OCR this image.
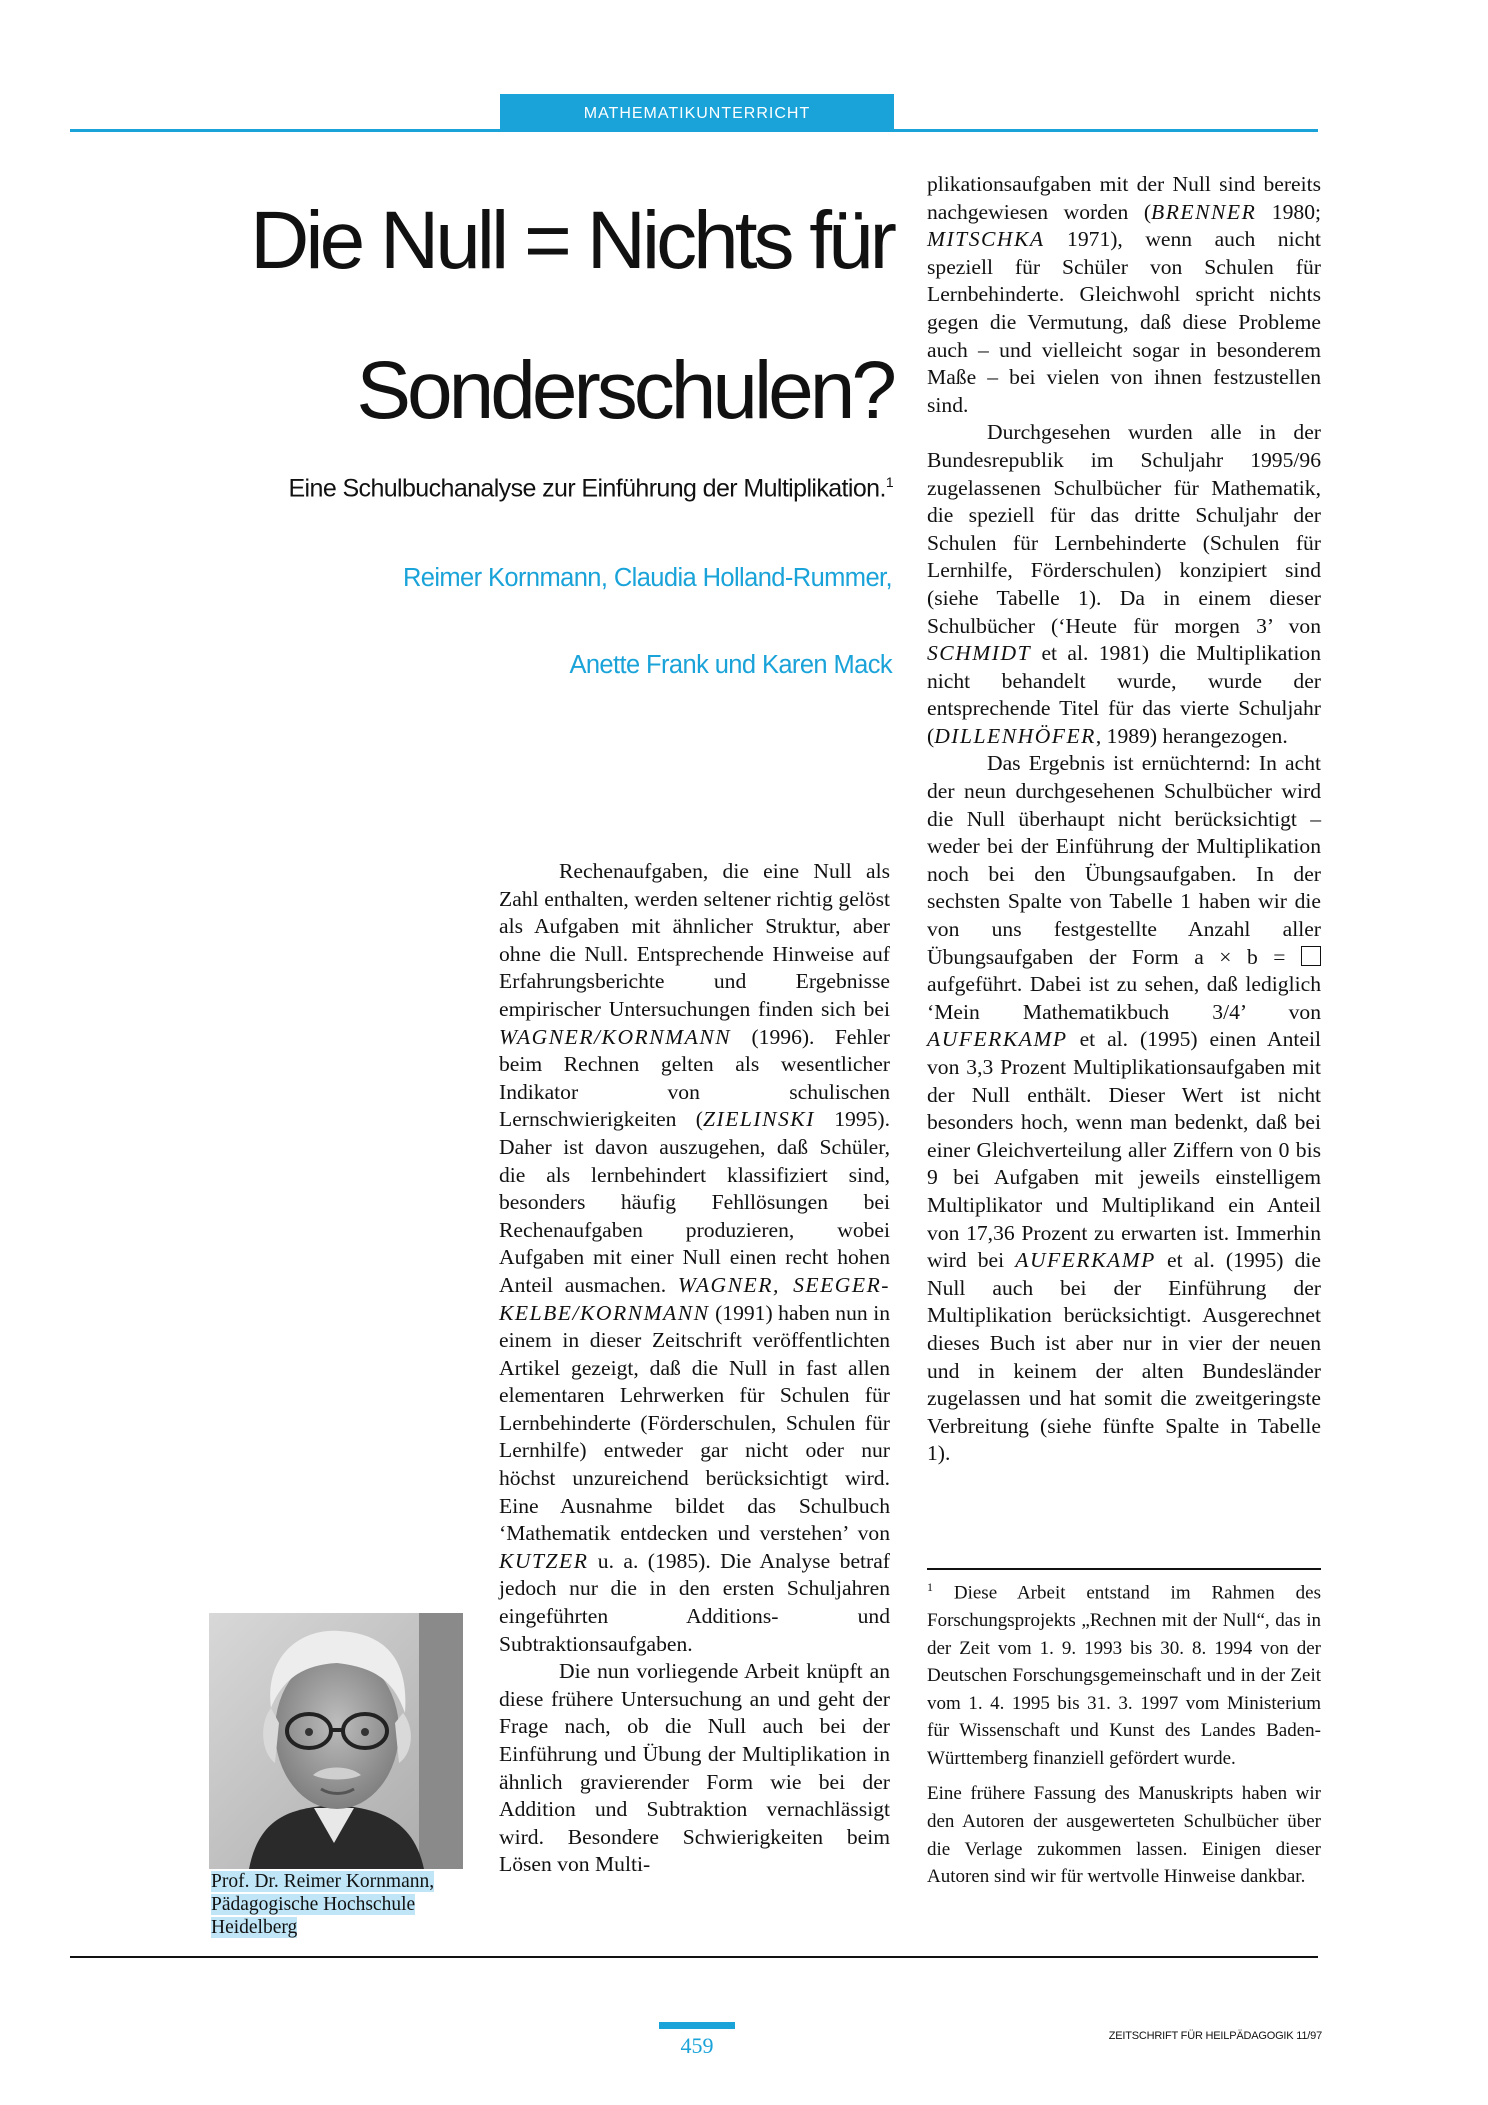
MATHEMATIKUNTERRICHT
Die Null = Nichts für
Sonderschulen?
Eine Schulbuchanalyse zur Einführung der Multiplikation.$^1$
Reimer Kornmann, Claudia Holland-Rummer,
Anette Frank und Karen Mack

Rechenaufgaben, die eine Null als Zahl enthalten, werden seltener richtig gelöst als Aufgaben mit ähnlicher Struktur, aber ohne die Null. Entsprechende Hinweise auf Erfahrungsberichte und Ergebnisse empirischer Untersuchungen finden sich bei WAGNER/KORNMANN (1996). Fehler beim Rechnen gelten als wesentlicher Indikator von schulischen Lernschwierigkeiten (ZIELINSKI 1995). Daher ist davon auszugehen, daß Schüler, die als lernbehindert klassifiziert sind, besonders häufig Fehllösungen bei Rechenaufgaben produzieren, wobei Aufgaben mit einer Null einen recht hohen Anteil ausmachen. WAGNER, SEEGER-KELBE/KORNMANN (1991) haben nun in einem in dieser Zeitschrift veröffentlichten Artikel gezeigt, daß die Null in fast allen elementaren Lehrwerken für Schulen für Lernbehinderte (Förderschulen, Schulen für Lernhilfe) entweder gar nicht oder nur höchst unzureichend berücksichtigt wird. Eine Ausnahme bildet das Schulbuch ‘Mathematik entdecken und verstehen’ von KUTZER u. a. (1985). Die Analyse betraf jedoch nur die in den ersten Schuljahren eingeführten Additions- und Subtraktionsaufgaben.

Die nun vorliegende Arbeit knüpft an diese frühere Untersuchung an und geht der Frage nach, ob die Null auch bei der Einführung und Übung der Multiplikation in ähnlich gravierender Form wie bei der Addition und Subtraktion vernachlässigt wird. Besondere Schwierigkeiten beim Lösen von Multi-

plikationsaufgaben mit der Null sind bereits nachgewiesen worden (BRENNER 1980; MITSCHKA 1971), wenn auch nicht speziell für Schüler von Schulen für Lernbehinderte. Gleichwohl spricht nichts gegen die Vermutung, daß diese Probleme auch – und vielleicht sogar in besonderem Maße – bei vielen von ihnen festzustellen sind.

Durchgesehen wurden alle in der Bundesrepublik im Schuljahr 1995/96 zugelassenen Schulbücher für Mathematik, die speziell für das dritte Schuljahr der Schulen für Lernbehinderte (Schulen für Lernhilfe, Förderschulen) konzipiert sind (siehe Tabelle 1). Da in einem dieser Schulbücher (‘Heute für morgen 3’ von SCHMIDT et al. 1981) die Multiplikation nicht behandelt wurde, wurde der entsprechende Titel für das vierte Schuljahr (DILLENHÖFER, 1989) herangezogen.

Das Ergebnis ist ernüchternd: In acht der neun durchgesehenen Schulbücher wird die Null überhaupt nicht berücksichtigt – weder bei der Einführung der Multiplikation noch bei den Übungsaufgaben. In der sechsten Spalte von Tabelle 1 haben wir die von uns festgestellte Anzahl aller Übungsaufgaben der Form a × b =  aufgeführt. Dabei ist zu sehen, daß lediglich ‘Mein Mathematikbuch 3/4’ von AUFERKAMP et al. (1995) einen Anteil von 3,3 Prozent Multiplikationsaufgaben mit der Null enthält. Dieser Wert ist nicht besonders hoch, wenn man bedenkt, daß bei einer Gleichverteilung aller Ziffern von 0 bis 9 bei Aufgaben mit jeweils einstelligem Multiplikator und Multiplikand ein Anteil von 17,36 Prozent zu erwarten ist. Immerhin wird bei AUFERKAMP et al. (1995) die Null auch bei der Einführung der Multiplikation berücksichtigt. Ausgerechnet dieses Buch ist aber nur in vier der neuen und in keinem der alten Bundesländer zugelassen und hat somit die zweitgeringste Verbreitung (siehe fünfte Spalte in Tabelle 1).

$^1$ Diese Arbeit entstand im Rahmen des Forschungsprojekts „Rechnen mit der Null“, das in der Zeit vom 1. 9. 1993 bis 30. 8. 1994 von der Deutschen Forschungsgemeinschaft und in der Zeit vom 1. 4. 1995 bis 31. 3. 1997 vom Ministerium für Wissenschaft und Kunst des Landes Baden-Württemberg finanziell gefördert wurde.

Eine frühere Fassung des Manuskripts haben wir den Autoren der ausgewerteten Schulbücher über die Verlage zukommen lassen. Einigen dieser Autoren sind wir für wertvolle Hinweise dankbar.

Prof. Dr. Reimer Kornmann,
Pädagogische Hochschule
Heidelberg
459	ZEITSCHRIFT FÜR HEILPÄDAGOGIK 11/97
